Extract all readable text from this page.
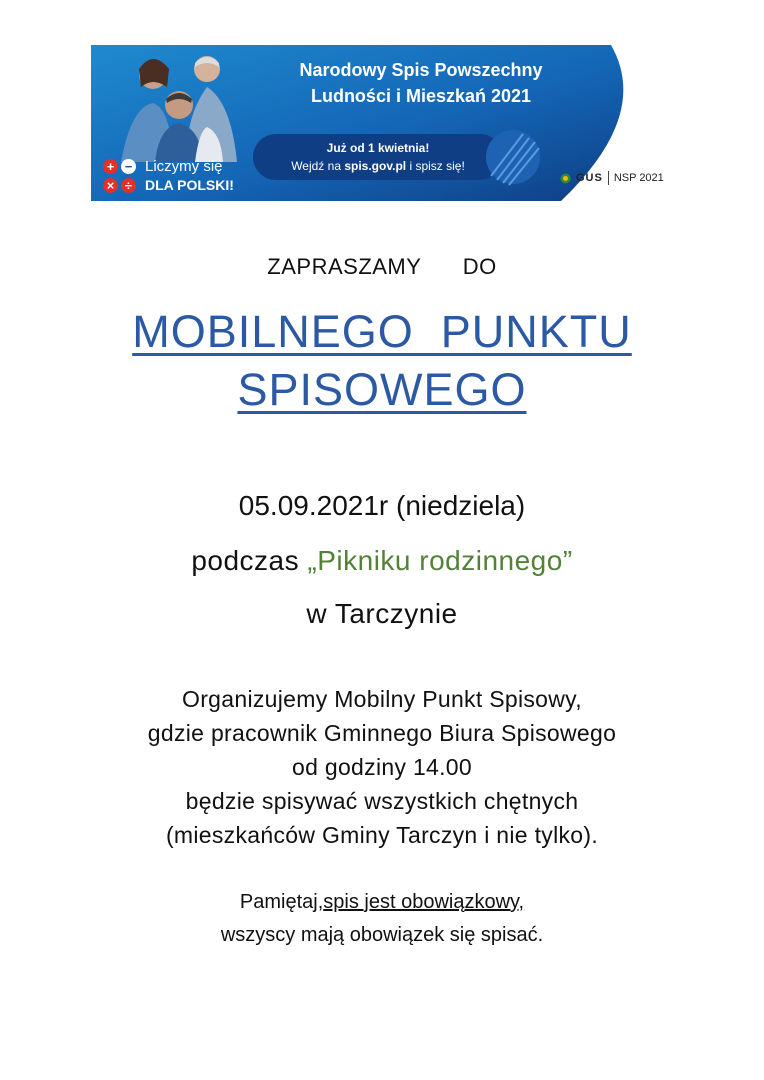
Narodowy Spis Powszechny
Ludności i Mieszkań 2021
Już od 1 kwietnia!
Wejdź na spis.gov.pl i spisz się!
+ −
× ÷
Liczymy się
DLA POLSKI!	GUS NSP 2021
ZAPRASZAMY DO
MOBILNEGO  PUNKTU
SPISOWEGO
05.09.2021r (niedziela)
podczas „Pikniku rodzinnego”
w Tarczynie
Organizujemy Mobilny Punkt Spisowy,
gdzie pracownik Gminnego Biura Spisowego
od godziny 14.00
będzie spisywać wszystkich chętnych
(mieszkańców Gminy Tarczyn i nie tylko).
Pamiętaj,spis jest obowiązkowy,
wszyscy mają obowiązek się spisać.
